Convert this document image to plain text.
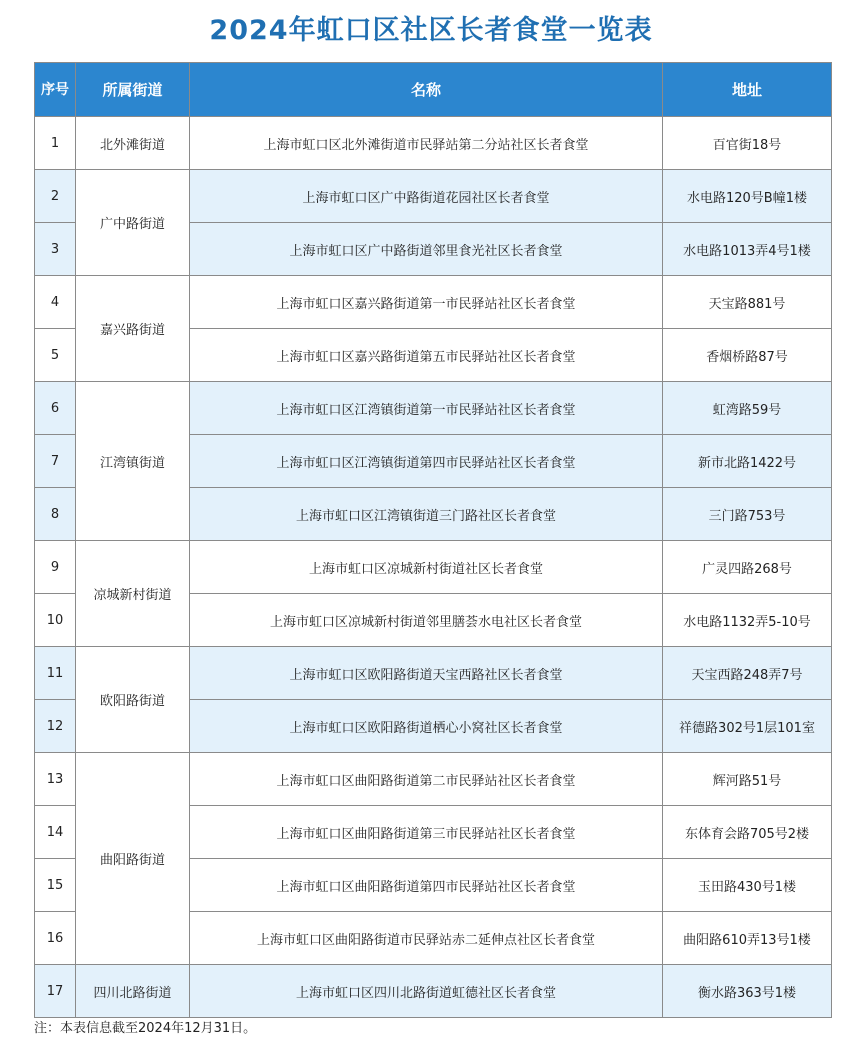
2024年虹口区社区长者食堂一览表
序号	所属街道	名称	地址
1	北外滩街道	上海市虹口区北外滩街道市民驿站第二分站社区长者食堂	百官街18号
2	广中路街道	上海市虹口区广中路街道花园社区长者食堂	水电路120号B幢1楼
3		上海市虹口区广中路街道邻里食光社区长者食堂	水电路1013弄4号1楼
4	嘉兴路街道	上海市虹口区嘉兴路街道第一市民驿站社区长者食堂	天宝路881号
5		上海市虹口区嘉兴路街道第五市民驿站社区长者食堂	香烟桥路87号
6	江湾镇街道	上海市虹口区江湾镇街道第一市民驿站社区长者食堂	虹湾路59号
7		上海市虹口区江湾镇街道第四市民驿站社区长者食堂	新市北路1422号
8		上海市虹口区江湾镇街道三门路社区长者食堂	三门路753号
9	凉城新村街道	上海市虹口区凉城新村街道社区长者食堂	广灵四路268号
10		上海市虹口区凉城新村街道邻里膳荟水电社区长者食堂	水电路1132弄5-10号
11	欧阳路街道	上海市虹口区欧阳路街道天宝西路社区长者食堂	天宝西路248弄7号
12		上海市虹口区欧阳路街道栖心小窝社区长者食堂	祥德路302号1层101室
13	曲阳路街道	上海市虹口区曲阳路街道第二市民驿站社区长者食堂	辉河路51号
14		上海市虹口区曲阳路街道第三市民驿站社区长者食堂	东体育会路705号2楼
15		上海市虹口区曲阳路街道第四市民驿站社区长者食堂	玉田路430号1楼
16		上海市虹口区曲阳路街道市民驿站赤二延伸点社区长者食堂	曲阳路610弄13号1楼
17	四川北路街道	上海市虹口区四川北路街道虹德社区长者食堂	衡水路363号1楼
注：本表信息截至2024年12月31日。
